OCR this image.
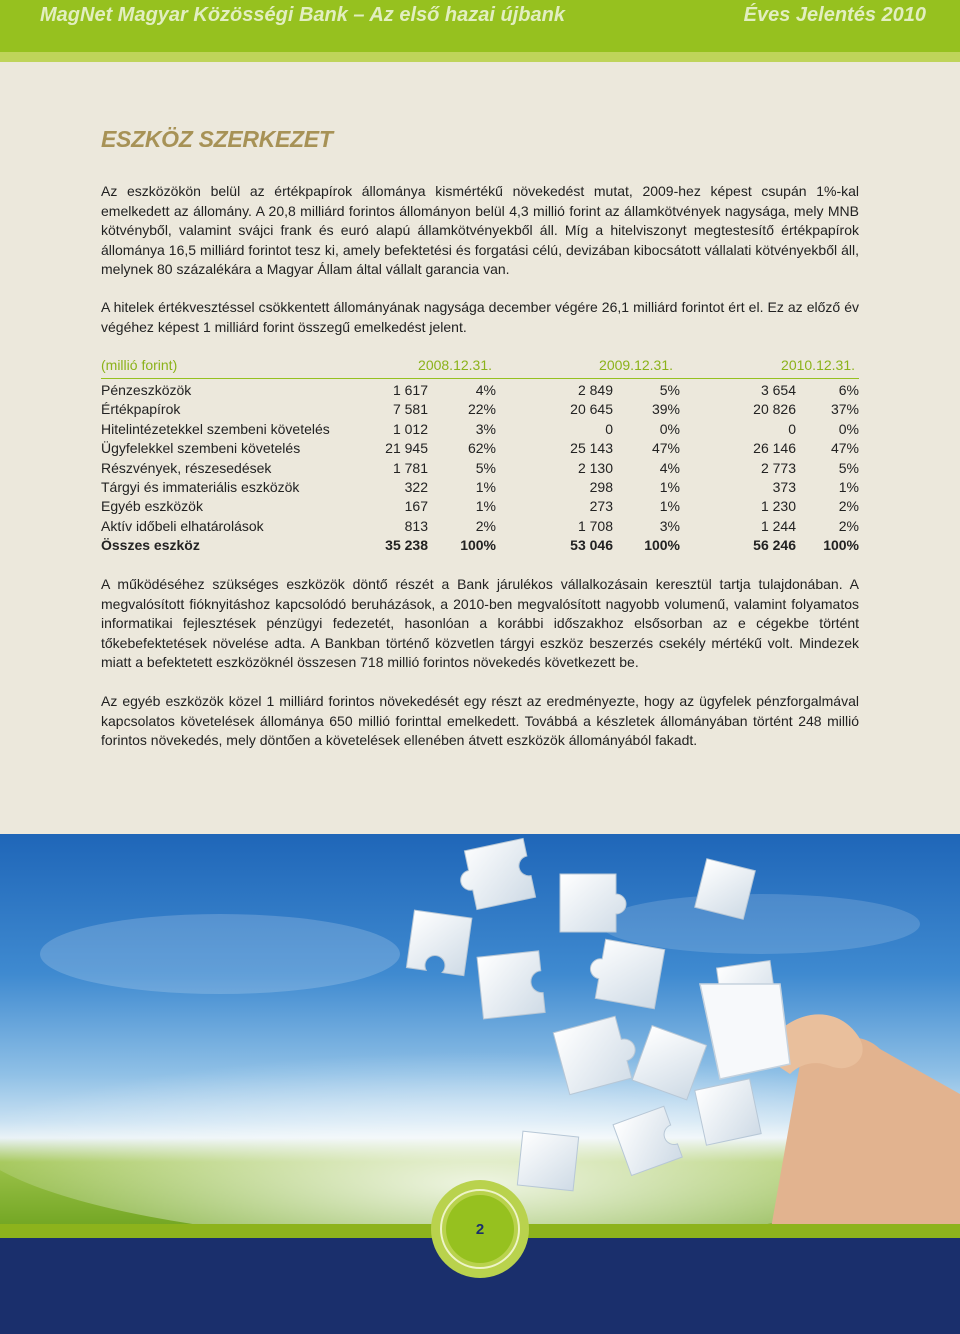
MagNet Magyar Közösségi Bank – Az első hazai újbank	Éves Jelentés 2010
ESZKÖZ SZERKEZET

Az eszközökön belül az értékpapírok állománya kismértékű növekedést mutat, 2009-hez képest csupán 1%-kal emelkedett az állomány. A 20,8 milliárd forintos állományon belül 4,3 millió forint az államkötvények nagysága, mely MNB kötvényből, valamint svájci frank és euró alapú államkötvényekből áll. Míg a hitelviszonyt megtestesítő értékpapírok állománya 16,5 milliárd forintot tesz ki, amely befektetési és forgatási célú, devizában kibocsátott vállalati kötvényekből áll, melynek 80 százalékára a Magyar Állam által vállalt garancia van.

A hitelek értékvesztéssel csökkentett állományának nagysága december végére 26,1 milliárd forintot ért el. Ez az előző év végéhez képest 1 milliárd forint összegű emelkedést jelent.

(millió forint)	2008.12.31.	2009.12.31.	2010.12.31.
Pénzeszközök	1 617	4%	2 849	5%	3 654	6%
Értékpapírok	7 581	22%	20 645	39%	20 826 37%
Hitelintézetekkel szembeni követelés	1 012	3%	0	0%	0	0%
Ügyfelekkel szembeni követelés	21 945	62%	25 143	47%	26 146 47%
Részvények, részesedések	1 781	5%	2 130	4%	2 773	5%
Tárgyi és immateriális eszközök	322	1%	298	1%	373	1%
Egyéb eszközök	167	1%	273	1%	1 230	2%
Aktív időbeli elhatárolások	813	2%	1 708	3%	1 244	2%
Összes eszköz	35 238 100%	53 046 100%	56 246 100%

A működéséhez szükséges eszközök döntő részét a Bank járulékos vállalkozásain keresztül tartja tulajdonában. A megvalósított fióknyitáshoz kapcsolódó beruházások, a 2010-ben megvalósított nagyobb volumenű, valamint folyamatos informatikai fejlesztések pénzügyi fedezetét, hasonlóan a korábbi időszakhoz elsősorban az e cégekbe történt tőkebefektetések növelése adta. A Bankban történő közvetlen tárgyi eszköz beszerzés csekély mértékű volt. Mindezek miatt a befektetett eszközöknél összesen 718 millió forintos növekedés következett be.

Az egyéb eszközök közel 1 milliárd forintos növekedését egy részt az eredményezte, hogy az ügyfelek pénzforgalmával kapcsolatos követelések állománya 650 millió forinttal emelkedett. Továbbá a készletek állományában történt 248 millió forintos növekedés, mely döntően a követelések ellenében átvett eszközök állományából fakadt.

2
